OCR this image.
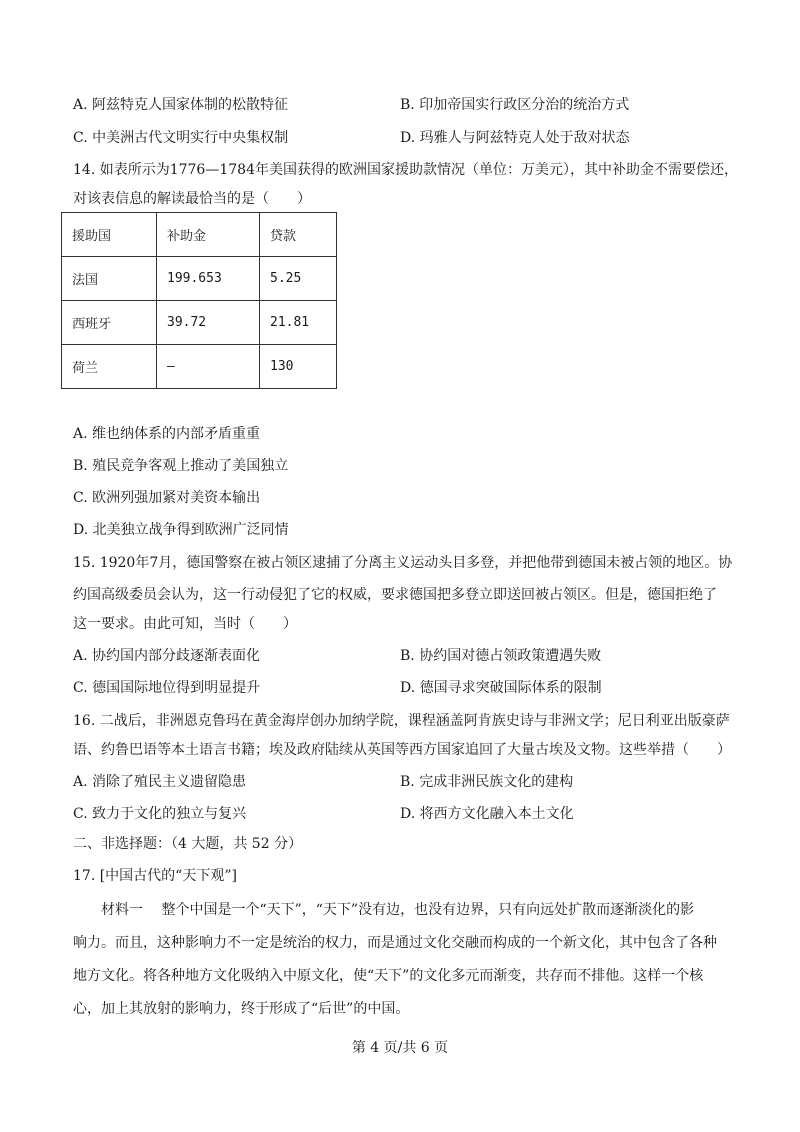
A. 阿兹特克人国家体制的松散特征	B. 印加帝国实行政区分治的统治方式
C. 中美洲古代文明实行中央集权制	D. 玛雅人与阿兹特克人处于敌对状态
14. 如表所示为1776—1784年美国获得的欧洲国家援助款情况（单位：万美元），其中补助金不需要偿还，
对该表信息的解读最恰当的是（　　）
援助国	补助金	贷款
法国	199.653	5.25
西班牙	39.72	21.81
荷兰	—	130
A. 维也纳体系的内部矛盾重重
B. 殖民竞争客观上推动了美国独立
C. 欧洲列强加紧对美资本输出
D. 北美独立战争得到欧洲广泛同情
15. 1920年7月，德国警察在被占领区逮捕了分离主义运动头目多登，并把他带到德国未被占领的地区。协
约国高级委员会认为，这一行动侵犯了它的权威，要求德国把多登立即送回被占领区。但是，德国拒绝了
这一要求。由此可知，当时（　　）
A. 协约国内部分歧逐渐表面化	B. 协约国对德占领政策遭遇失败
C. 德国国际地位得到明显提升	D. 德国寻求突破国际体系的限制
16. 二战后，非洲恩克鲁玛在黄金海岸创办加纳学院，课程涵盖阿肯族史诗与非洲文学；尼日利亚出版豪萨
语、约鲁巴语等本土语言书籍；埃及政府陆续从英国等西方国家追回了大量古埃及文物。这些举措（　　）
A. 消除了殖民主义遗留隐患	B. 完成非洲民族文化的建构
C. 致力于文化的独立与复兴	D. 将西方文化融入本土文化
二、非选择题：（4 大题，共 52 分）
17. [中国古代的“天下观”]
　　材料一　 整个中国是一个“天下”，“天下”没有边，也没有边界，只有向远处扩散而逐渐淡化的影
响力。而且，这种影响力不一定是统治的权力，而是通过文化交融而构成的一个新文化，其中包含了各种
地方文化。将各种地方文化吸纳入中原文化，使“天下”的文化多元而渐变，共存而不排他。这样一个核
心，加上其放射的影响力，终于形成了“后世”的中国。
第 4 页/共 6 页
